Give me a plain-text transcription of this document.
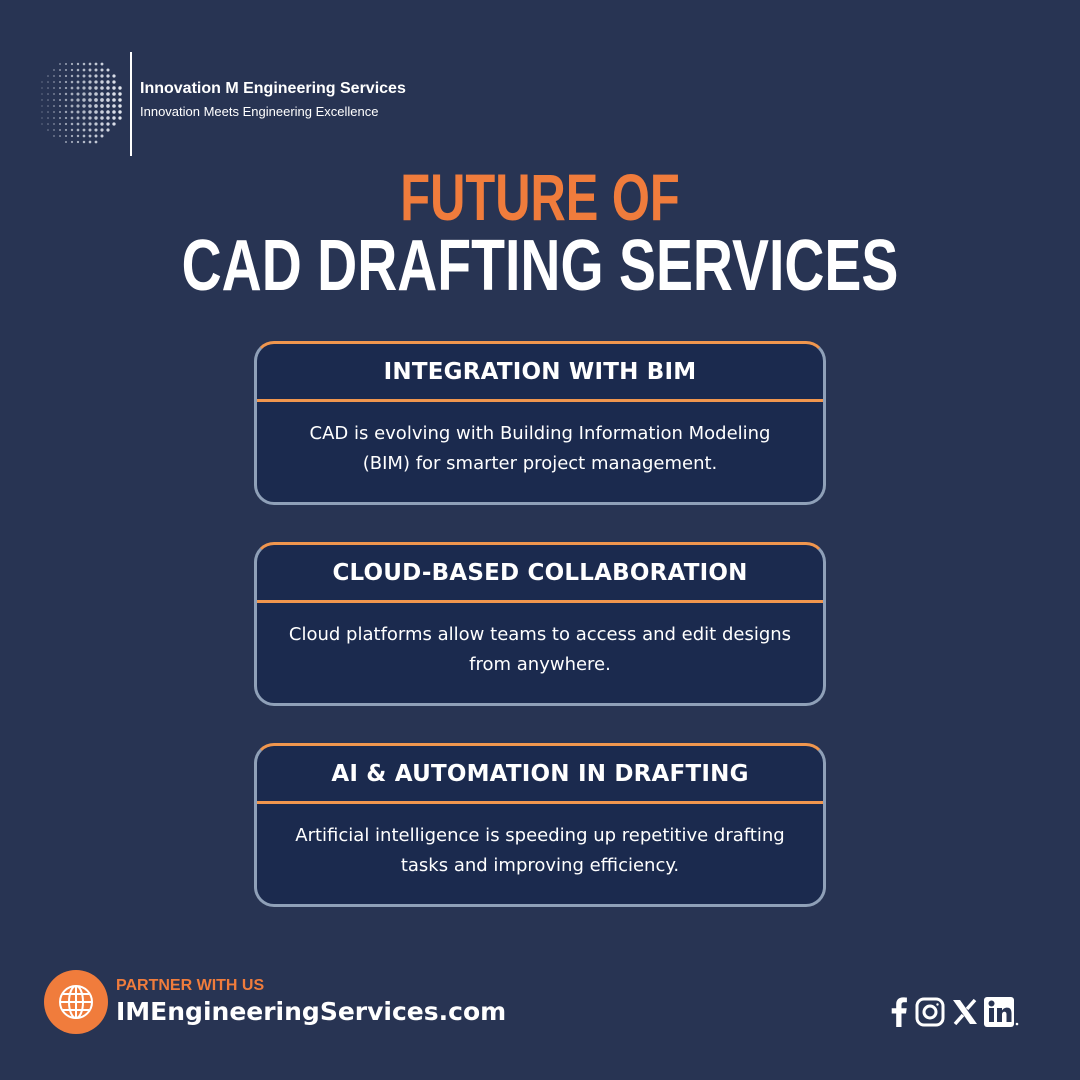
Innovation M Engineering Services
Innovation Meets Engineering Excellence
FUTURE OF
CAD DRAFTING SERVICES
INTEGRATION WITH BIM
CAD is evolving with Building Information Modeling (BIM) for smarter project management.
CLOUD-BASED COLLABORATION
Cloud platforms allow teams to access and edit designs from anywhere.
AI & AUTOMATION IN DRAFTING
Artificial intelligence is speeding up repetitive drafting tasks and improving efficiency.
PARTNER WITH US
IMEngineeringServices.com
